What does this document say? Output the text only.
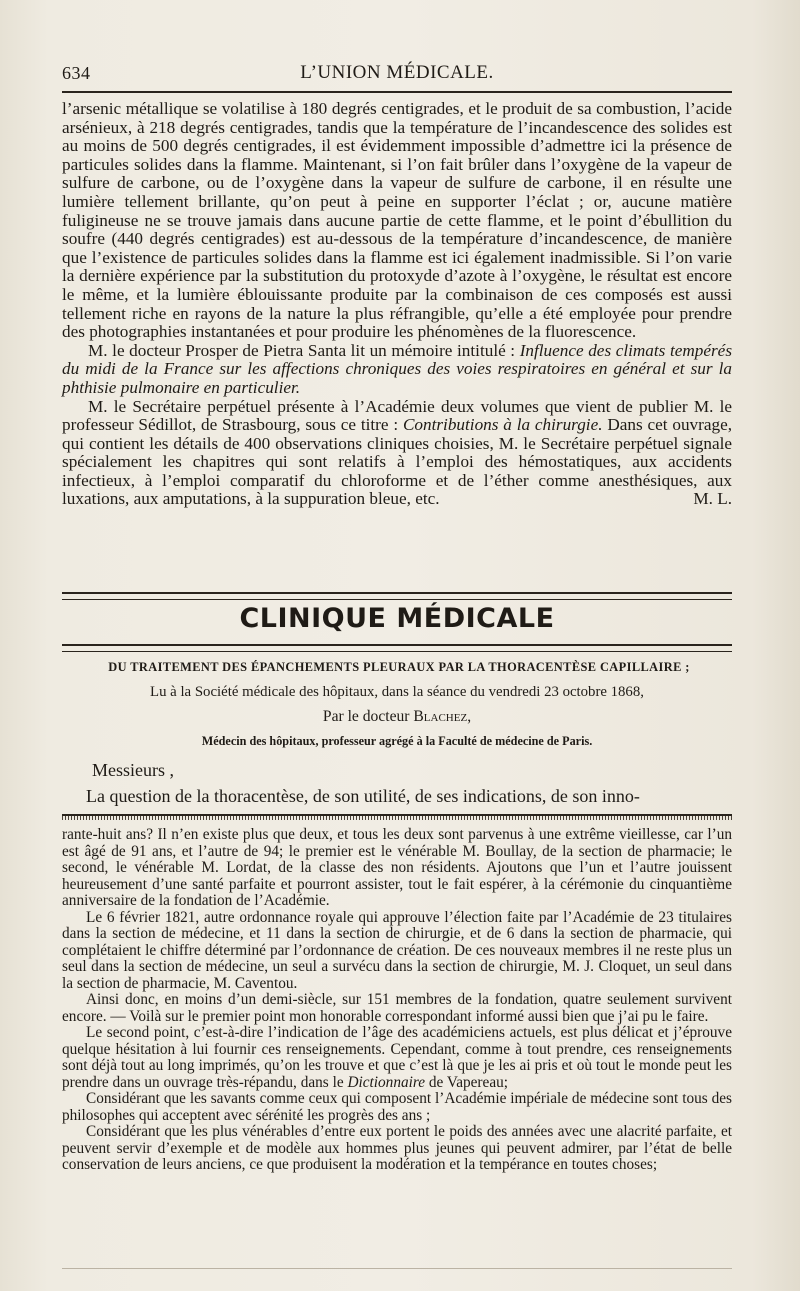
634	L’UNION MÉDICALE.

l’arsenic métallique se volatilise à 180 degrés centigrades, et le produit de sa combustion, l’acide arsénieux, à 218 degrés centigrades, tandis que la température de l’incandescence des solides est au moins de 500 degrés centigrades, il est évidemment impossible d’admettre ici la présence de particules solides dans la flamme. Maintenant, si l’on fait brûler dans l’oxygène de la vapeur de sulfure de carbone, ou de l’oxygène dans la vapeur de sulfure de carbone, il en résulte une lumière tellement brillante, qu’on peut à peine en supporter l’éclat ; or, aucune matière fuligineuse ne se trouve jamais dans aucune partie de cette flamme, et le point d’ébullition du soufre (440 degrés centigrades) est au-dessous de la température d’incandescence, de manière que l’existence de particules solides dans la flamme est ici également inadmissible. Si l’on varie la dernière expérience par la substitution du protoxyde d’azote à l’oxygène, le résultat est encore le même, et la lumière éblouissante produite par la combinaison de ces composés est aussi tellement riche en rayons de la nature la plus réfrangible, qu’elle a été employée pour prendre des photographies instantanées et pour produire les phénomènes de la fluorescence.

M. le docteur Prosper de Pietra Santa lit un mémoire intitulé : Influence des climats tempérés du midi de la France sur les affections chroniques des voies respiratoires en général et sur la phthisie pulmonaire en particulier.

M. le Secrétaire perpétuel présente à l’Académie deux volumes que vient de publier M. le professeur Sédillot, de Strasbourg, sous ce titre : Contributions à la chirurgie. Dans cet ouvrage, qui contient les détails de 400 observations cliniques choisies, M. le Secrétaire perpétuel signale spécialement les chapitres qui sont relatifs à l’emploi des hémostatiques, aux accidents infectieux, à l’emploi comparatif du chloroforme et de l’éther comme anesthésiques, aux luxations, aux amputations, à la suppuration bleue, etc.	M. L.

CLINIQUE MÉDICALE
DU TRAITEMENT DES ÉPANCHEMENTS PLEURAUX PAR LA THORACENTÈSE CAPILLAIRE ;
Lu à la Société médicale des hôpitaux, dans la séance du vendredi 23 octobre 1868,
Par le docteur Blachez,
Médecin des hôpitaux, professeur agrégé à la Faculté de médecine de Paris.
Messieurs ,
La question de la thoracentèse, de son utilité, de ses indications, de son inno-

rante-huit ans? Il n’en existe plus que deux, et tous les deux sont parvenus à une extrême vieillesse, car l’un est âgé de 91 ans, et l’autre de 94; le premier est le vénérable M. Boullay, de la section de pharmacie; le second, le vénérable M. Lordat, de la classe des non résidents. Ajoutons que l’un et l’autre jouissent heureusement d’une santé parfaite et pourront assister, tout le fait espérer, à la cérémonie du cinquantième anniversaire de la fondation de l’Académie.

Le 6 février 1821, autre ordonnance royale qui approuve l’élection faite par l’Académie de 23 titulaires dans la section de médecine, et 11 dans la section de chirurgie, et de 6 dans la section de pharmacie, qui complétaient le chiffre déterminé par l’ordonnance de création. De ces nouveaux membres il ne reste plus un seul dans la section de médecine, un seul a survécu dans la section de chirurgie, M. J. Cloquet, un seul dans la section de pharmacie, M. Caventou.

Ainsi donc, en moins d’un demi-siècle, sur 151 membres de la fondation, quatre seulement survivent encore. — Voilà sur le premier point mon honorable correspondant informé aussi bien que j’ai pu le faire.

Le second point, c’est-à-dire l’indication de l’âge des académiciens actuels, est plus délicat et j’éprouve quelque hésitation à lui fournir ces renseignements. Cependant, comme à tout prendre, ces renseignements sont déjà tout au long imprimés, qu’on les trouve et que c’est là que je les ai pris et où tout le monde peut les prendre dans un ouvrage très-répandu, dans le Dictionnaire de Vapereau;

Considérant que les savants comme ceux qui composent l’Académie impériale de médecine sont tous des philosophes qui acceptent avec sérénité les progrès des ans ;

Considérant que les plus vénérables d’entre eux portent le poids des années avec une alacrité parfaite, et peuvent servir d’exemple et de modèle aux hommes plus jeunes qui peuvent admirer, par l’état de belle conservation de leurs anciens, ce que produisent la modération et la tempérance en toutes choses;
